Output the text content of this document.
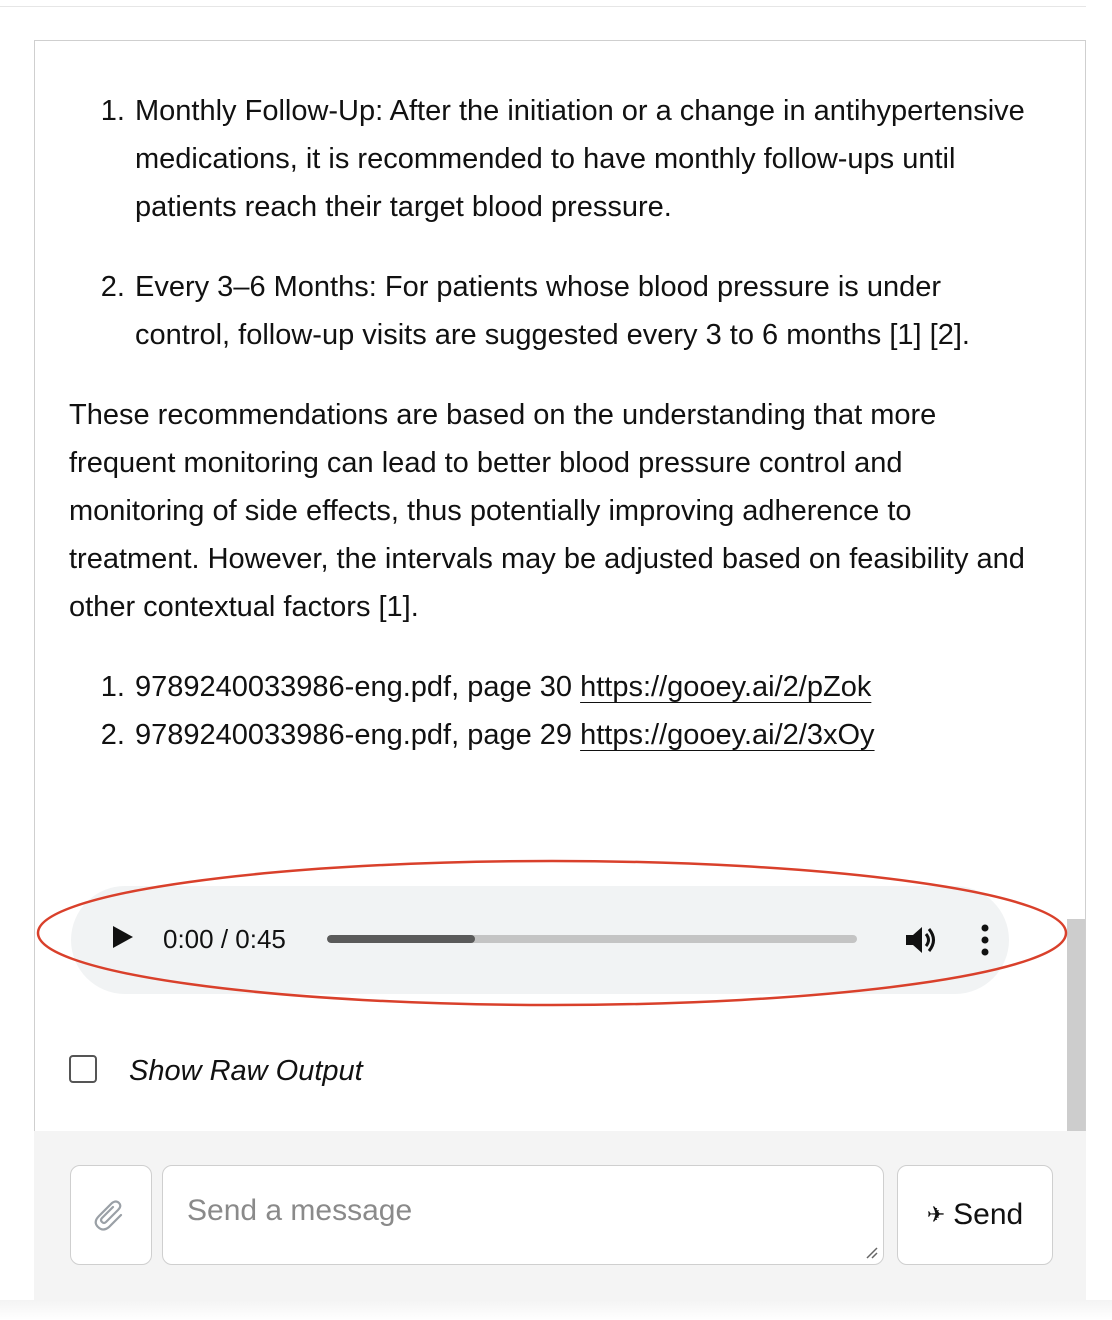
1. Monthly Follow-Up: After the initiation or a change in antihypertensive medications, it is recommended to have monthly follow-ups until patients reach their target blood pressure.
2. Every 3–6 Months: For patients whose blood pressure is under control, follow-up visits are suggested every 3 to 6 months [1] [2].

These recommendations are based on the understanding that more frequent monitoring can lead to better blood pressure control and monitoring of side effects, thus potentially improving adherence to treatment. However, the intervals may be adjusted based on feasibility and other contextual factors [1].

1. 9789240033986-eng.pdf, page 30 https://gooey.ai/2/pZok
2. 9789240033986-eng.pdf, page 29 https://gooey.ai/2/3xOy
0:00 / 0:45
Show Raw Output
Send a message
✈ Send
